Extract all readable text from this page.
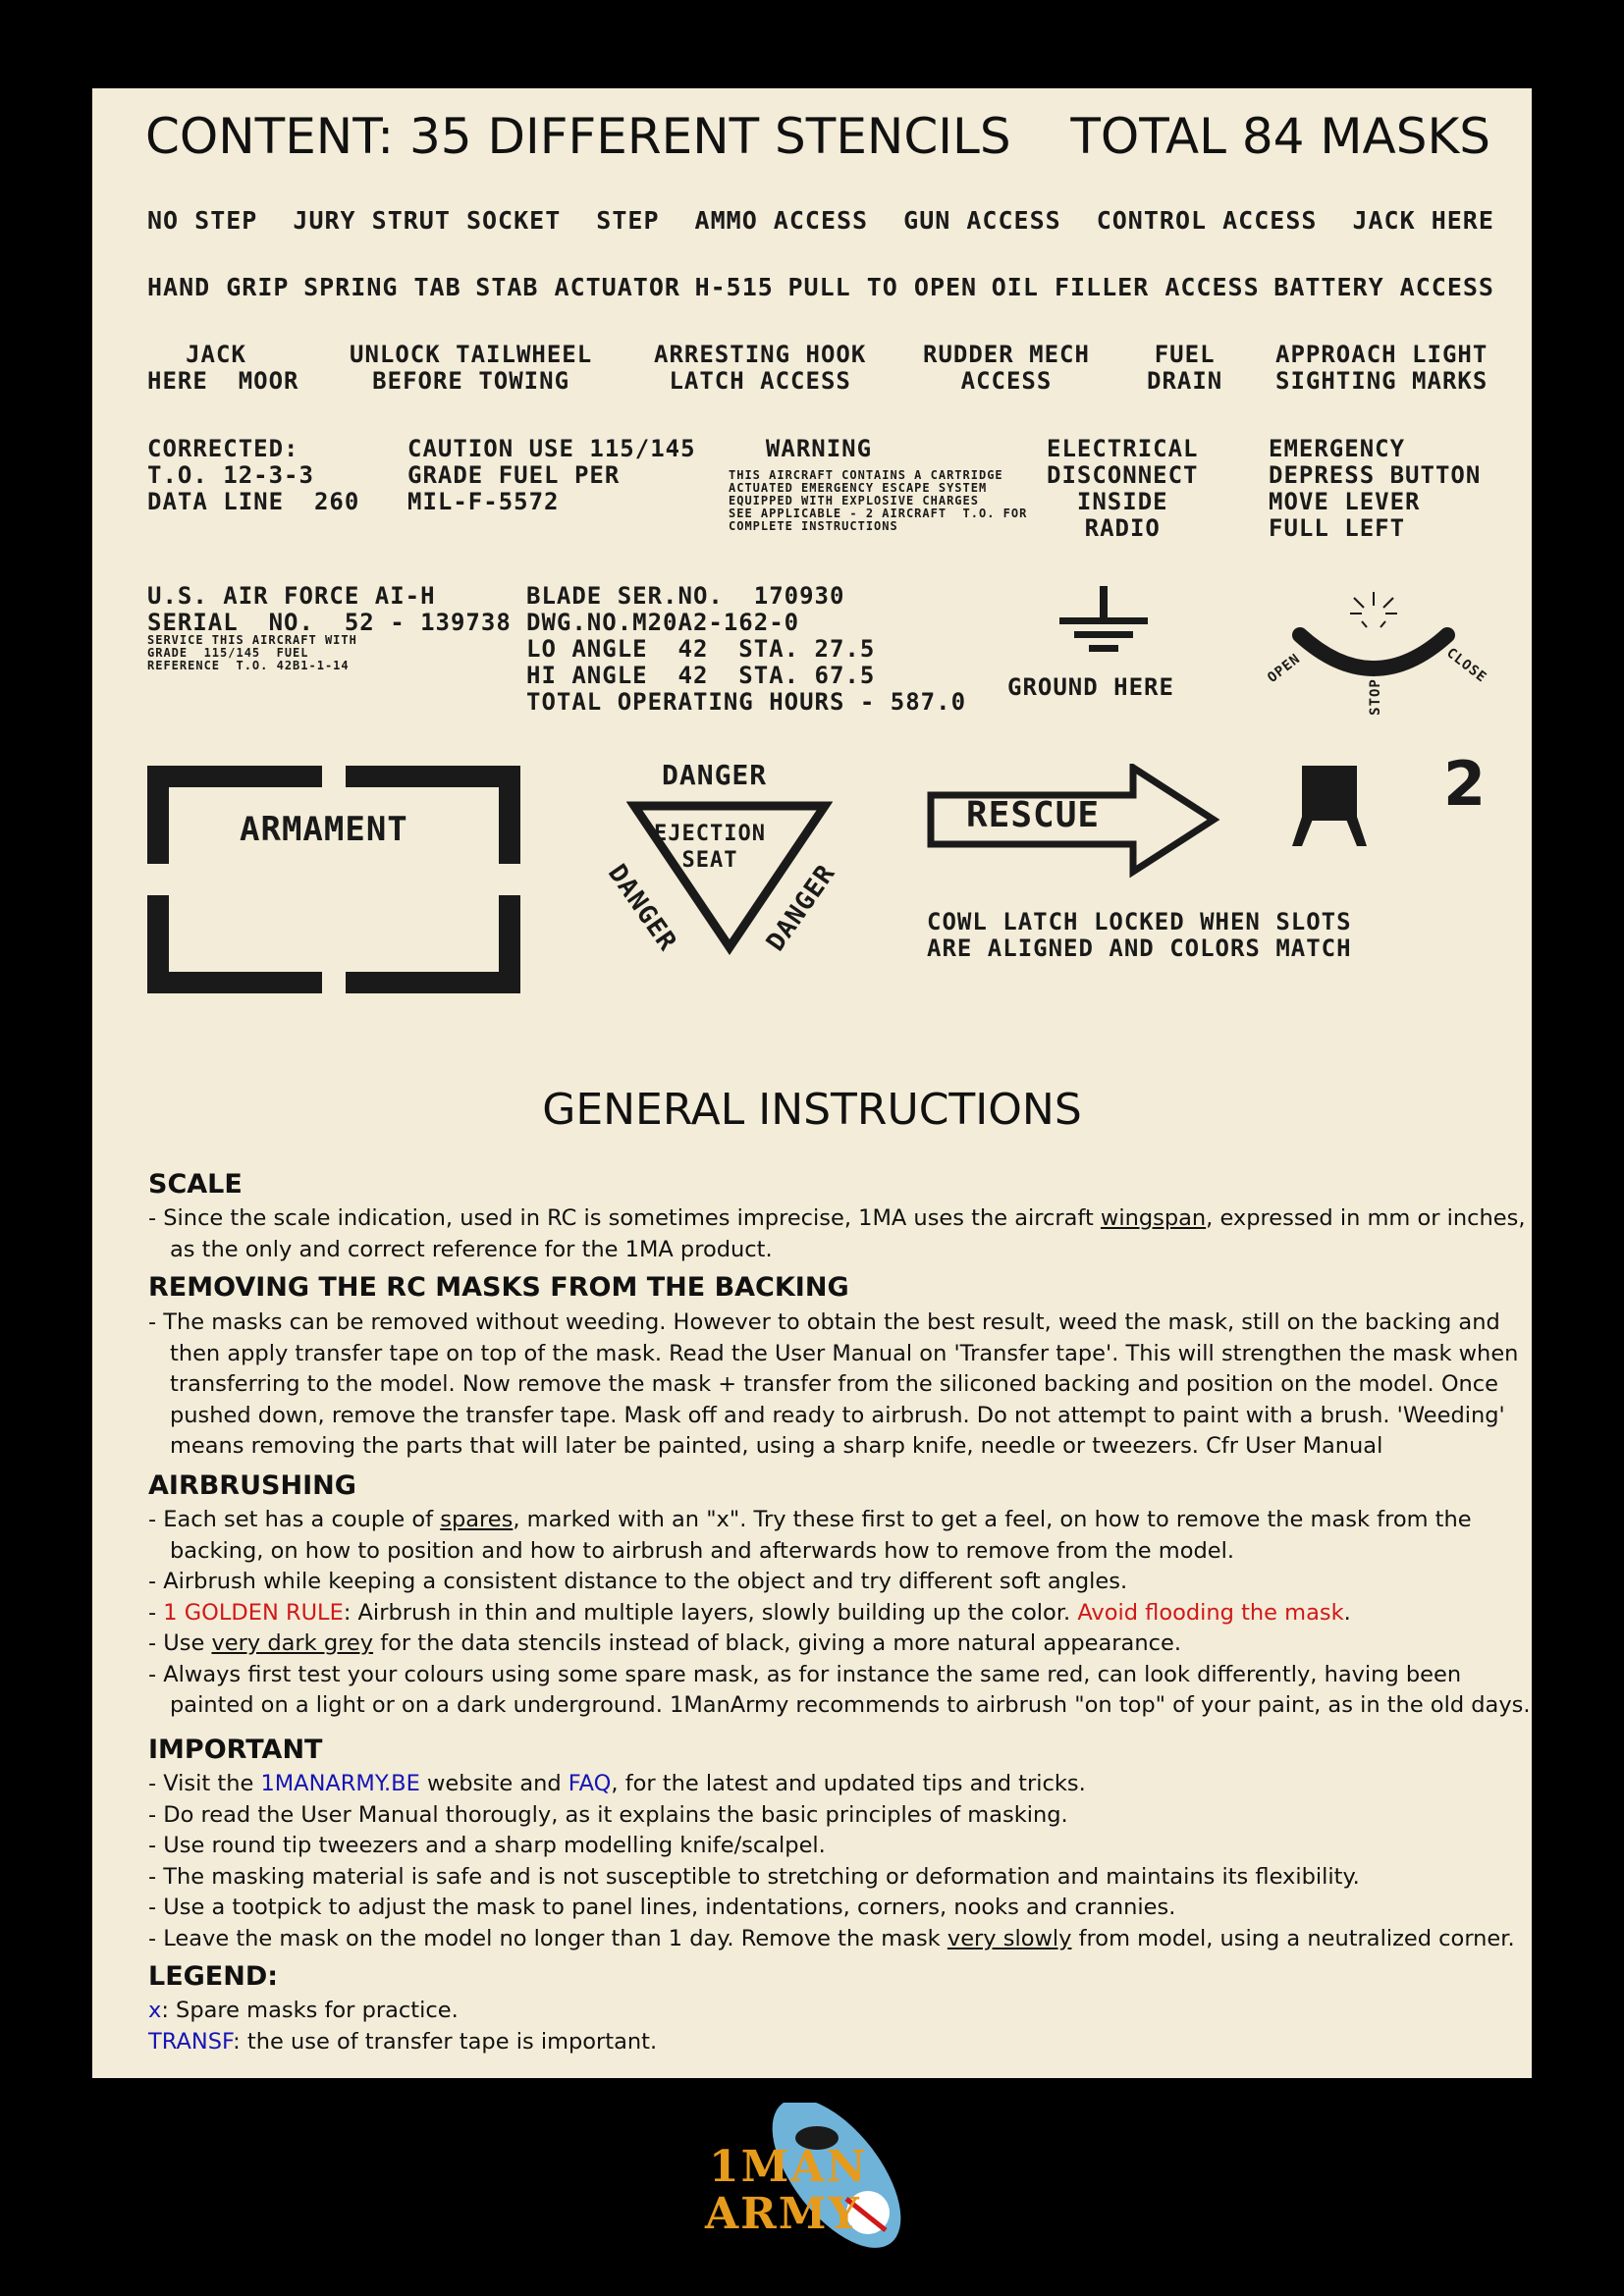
CONTENT: 35 DIFFERENT STENCILS TOTAL 84 MASKS
NO STEP JURY STRUT SOCKET STEP AMMO ACCESS GUN ACCESS CONTROL ACCESS JACK HERE
HAND GRIP SPRING TAB STAB ACTUATOR H-515 PULL TO OPEN OIL FILLER ACCESS BATTERY ACCESS
JACK
HERE  MOOR
UNLOCK TAILWHEEL
BEFORE TOWING
ARRESTING HOOK
LATCH ACCESS
RUDDER MECH
ACCESS
FUEL
DRAIN
APPROACH LIGHT
SIGHTING MARKS
CORRECTED:
T.O. 12-3-3
DATA LINE  260
CAUTION USE 115/145
GRADE FUEL PER
MIL-F-5572
WARNING
THIS AIRCRAFT CONTAINS A CARTRIDGE
ACTUATED EMERGENCY ESCAPE SYSTEM
EQUIPPED WITH EXPLOSIVE CHARGES
SEE APPLICABLE - 2 AIRCRAFT  T.O. FOR
COMPLETE INSTRUCTIONS
ELECTRICAL
DISCONNECT
INSIDE
RADIO
EMERGENCY
DEPRESS BUTTON
MOVE LEVER
FULL LEFT
U.S. AIR FORCE AI-H
SERIAL  NO.  52 - 139738
SERVICE THIS AIRCRAFT WITH
GRADE  115/145  FUEL
REFERENCE  T.O. 42B1-1-14
BLADE SER.NO.  170930
DWG.NO.M20A2-162-0
LO ANGLE  42  STA. 27.5
HI ANGLE  42  STA. 67.5
TOTAL OPERATING HOURS - 587.0
GROUND HERE
OPEN
STOP
CLOSE
ARMAMENT
DANGER
EJECTION
SEAT
DANGER	DANGER
RESCUE	2
COWL LATCH LOCKED WHEN SLOTS
ARE ALIGNED AND COLORS MATCH
GENERAL INSTRUCTIONS
SCALE

- Since the scale indication, used in RC is sometimes imprecise, 1MA uses the aircraft wingspan, expressed in mm or inches, as the only and correct reference for the 1MA product.

REMOVING THE RC MASKS FROM THE BACKING

- The masks can be removed without weeding. However to obtain the best result, weed the mask, still on the backing and then apply transfer tape on top of the mask. Read the User Manual on 'Transfer tape'. This will strengthen the mask when transferring to the model. Now remove the mask + transfer from the siliconed backing and position on the model. Once pushed down, remove the transfer tape. Mask off and ready to airbrush. Do not attempt to paint with a brush. 'Weeding' means removing the parts that will later be painted, using a sharp knife, needle or tweezers. Cfr User Manual

AIRBRUSHING

- Each set has a couple of spares, marked with an "x". Try these first to get a feel, on how to remove the mask from the backing, on how to position and how to airbrush and afterwards how to remove from the model.

- Airbrush while keeping a consistent distance to the object and try different soft angles.

- 1 GOLDEN RULE: Airbrush in thin and multiple layers, slowly building up the color. Avoid flooding the mask.

- Use very dark grey for the data stencils instead of black, giving a more natural appearance.

- Always first test your colours using some spare mask, as for instance the same red, can look differently, having been painted on a light or on a dark underground. 1ManArmy recommends to airbrush "on top" of your paint, as in the old days.

IMPORTANT

- Visit the 1MANARMY.BE website and FAQ, for the latest and updated tips and tricks.

- Do read the User Manual thorougly, as it explains the basic principles of masking.

- Use round tip tweezers and a sharp modelling knife/scalpel.

- The masking material is safe and is not susceptible to stretching or deformation and maintains its flexibility.

- Use a tootpick to adjust the mask to panel lines, indentations, corners, nooks and crannies.

- Leave the mask on the model no longer than 1 day. Remove the mask very slowly from model, using a neutralized corner.

LEGEND:
x: Spare masks for practice.
TRANSF: the use of transfer tape is important.
1MAN
ARMY
